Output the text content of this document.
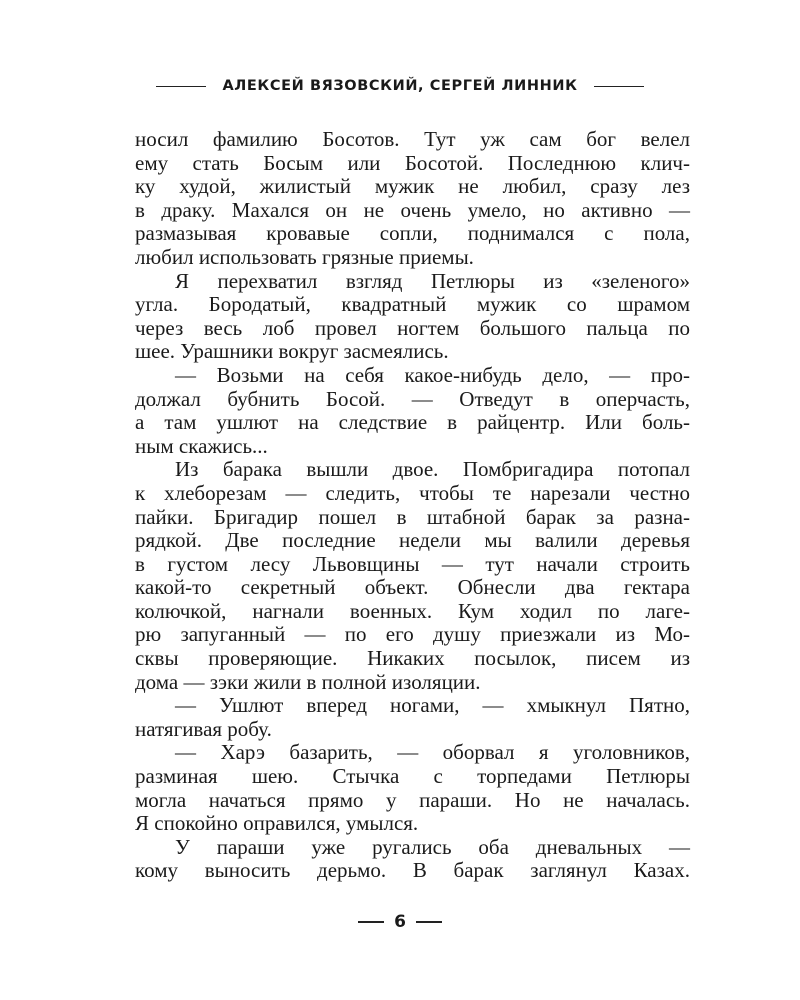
АЛЕКСЕЙ ВЯЗОВСКИЙ, СЕРГЕЙ ЛИННИК
носил фамилию Босотов. Тут уж сам бог велел
ему стать Босым или Босотой. Последнюю клич-
ку худой, жилистый мужик не любил, сразу лез
в драку. Махался он не очень умело, но активно —
размазывая кровавые сопли, поднимался с пола,
любил использовать грязные приемы.
Я перехватил взгляд Петлюры из «зеленого»
угла. Бородатый, квадратный мужик со шрамом
через весь лоб провел ногтем большого пальца по
шее. Урашники вокруг засмеялись.
— Возьми на себя какое-нибудь дело, — про-
должал бубнить Босой. — Отведут в оперчасть,
а там ушлют на следствие в райцентр. Или боль-
ным скажись...
Из барака вышли двое. Помбригадира потопал
к хлеборезам — следить, чтобы те нарезали честно
пайки. Бригадир пошел в штабной барак за разна-
рядкой. Две последние недели мы валили деревья
в густом лесу Львовщины — тут начали строить
какой-то секретный объект. Обнесли два гектара
колючкой, нагнали военных. Кум ходил по лаге-
рю запуганный — по его душу приезжали из Мо-
сквы проверяющие. Никаких посылок, писем из
дома — зэки жили в полной изоляции.
— Ушлют вперед ногами, — хмыкнул Пятно,
натягивая робу.
— Харэ базарить, — оборвал я уголовников,
разминая шею. Стычка с торпедами Петлюры
могла начаться прямо у параши. Но не началась.
Я спокойно оправился, умылся.
У параши уже ругались оба дневальных —
кому выносить дерьмо. В барак заглянул Казах.
6
